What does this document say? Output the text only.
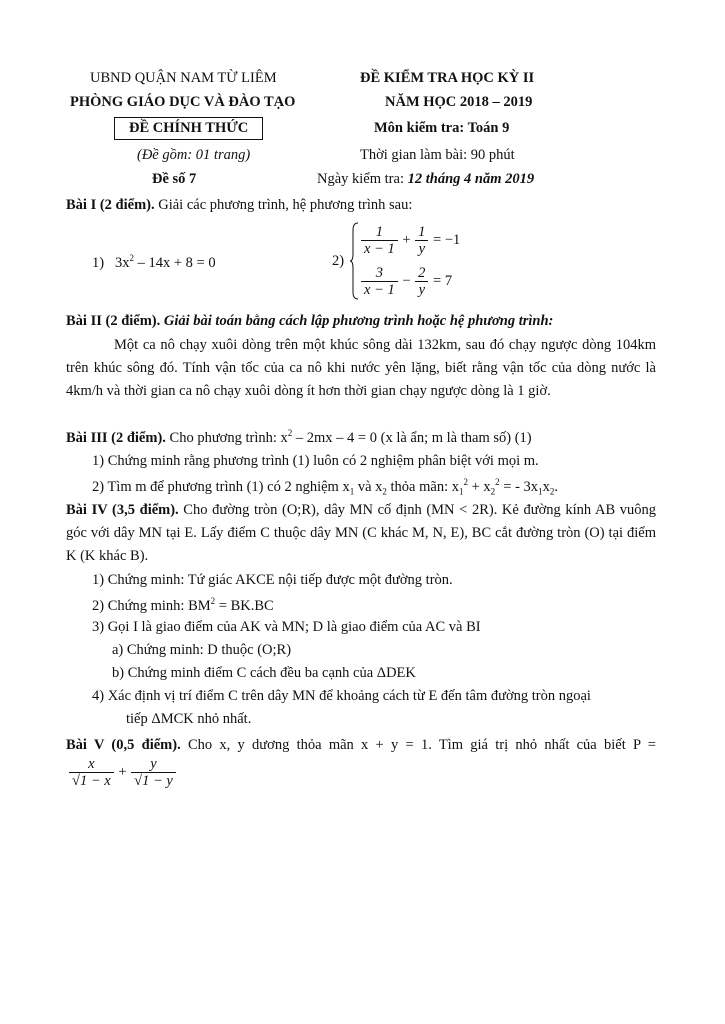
UBND QUẬN NAM TỪ LIÊM
PHÒNG GIÁO DỤC VÀ ĐÀO TẠO
ĐỀ CHÍNH THỨC
(Đề gồm: 01 trang)
Đề số 7
ĐỀ KIỂM TRA HỌC KỲ II
NĂM HỌC 2018 – 2019
Môn kiểm tra: Toán 9
Thời gian làm bài: 90 phút
Ngày kiểm tra: 12 tháng 4 năm 2019
Bài I (2 điểm). Giải các phương trình, hệ phương trình sau:
1) $3x^2 - 14x + 8 = 0$	2)
$\frac{1}{x - 1} + \frac{1}{y} = -1$
$\frac{3}{x - 1} - \frac{2}{y} = 7$
Bài II (2 điểm). Giải bài toán bằng cách lập phương trình hoặc hệ phương trình:
Một ca nô chạy xuôi dòng trên một khúc sông dài 132km, sau đó chạy ngược dòng 104km trên khúc sông đó. Tính vận tốc của ca nô khi nước yên lặng, biết rằng vận tốc của dòng nước là 4km/h và thời gian ca nô chạy xuôi dòng ít hơn thời gian chạy ngược dòng là 1 giờ.
Bài III (2 điểm). Cho phương trình: $x^2 - 2mx - 4 = 0$ (x là ẩn; m là tham số) (1)
1) Chứng minh rằng phương trình (1) luôn có 2 nghiệm phân biệt với mọi m.
2) Tìm m để phương trình (1) có 2 nghiệm $x_1$ và $x_2$ thỏa mãn: $x_1^2 + x_2^2$ = - $3x_1x_2$.
Bài IV (3,5 điểm). Cho đường tròn (O;R), dây MN cố định (MN < 2R). Kẻ đường kính AB vuông góc với dây MN tại E. Lấy điểm C thuộc dây MN (C khác M, N, E), BC cắt đường tròn (O) tại điểm K (K khác B).
1) Chứng minh: Tứ giác AKCE nội tiếp được một đường tròn.
2) Chứng minh: $BM^2 = BK.BC$
3) Gọi I là giao điểm của AK và MN; D là giao điểm của AC và BI
a) Chứng minh: D thuộc (O;R)
b) Chứng minh điểm C cách đều ba cạnh của ΔDEK
4) Xác định vị trí điểm C trên dây MN để khoảng cách từ E đến tâm đường tròn ngoại
tiếp ΔMCK nhỏ nhất.
Bài V (0,5 điểm). Cho x, y dương thỏa mãn x + y = 1. Tìm giá trị nhỏ nhất của biết P =
$\frac{x}{√1 - x} + \frac{y}{√1 - y}$
